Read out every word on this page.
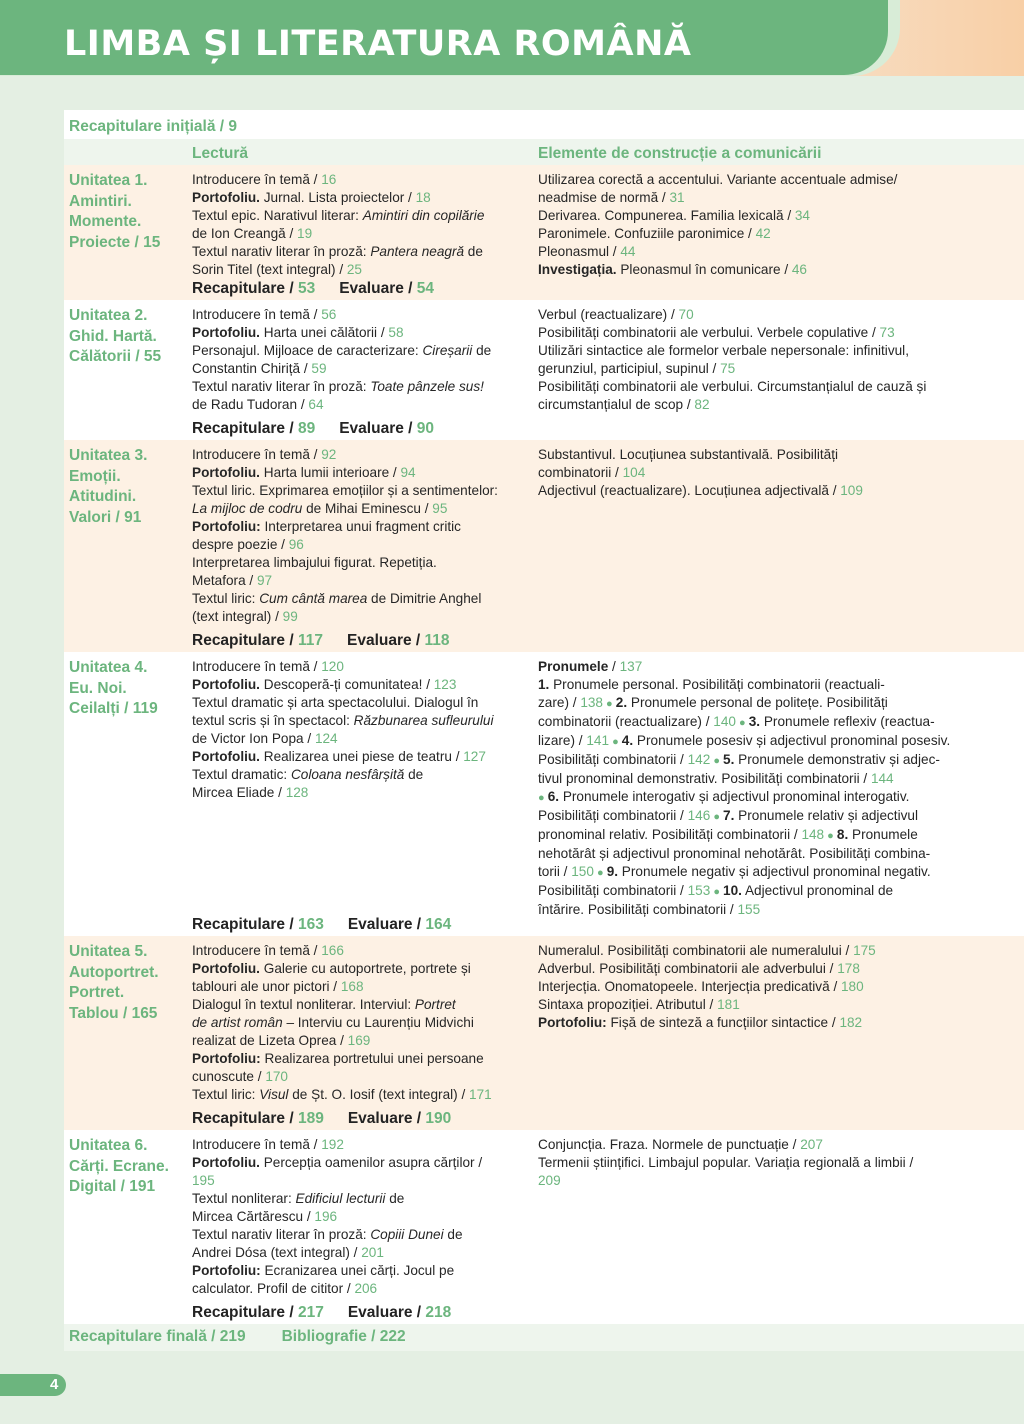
LIMBA ȘI LITERATURA ROMÂNĂ
Recapitulare inițială / 9
Lectură	Elemente de construcție a comunicării
Unitatea 1.
Amintiri.
Momente.
Proiecte / 15
Introducere în temă / 16
Portofoliu. Jurnal. Lista proiectelor / 18
Textul epic. Narativul literar: Amintiri din copilărie
de Ion Creangă / 19
Textul narativ literar în proză: Pantera neagră de
Sorin Titel (text integral) / 25
Recapitulare / 53 Evaluare / 54
Utilizarea corectă a accentului. Variante accentuale admise/
neadmise de normă / 31
Derivarea. Compunerea. Familia lexicală / 34
Paronimele. Confuziile paronimice / 42
Pleonasmul / 44
Investigația. Pleonasmul în comunicare / 46
Unitatea 2.
Ghid. Hartă.
Călătorii / 55
Introducere în temă / 56
Portofoliu. Harta unei călătorii / 58
Personajul. Mijloace de caracterizare: Cireșarii de
Constantin Chiriță / 59
Textul narativ literar în proză: Toate pânzele sus!
de Radu Tudoran / 64
Recapitulare / 89 Evaluare / 90
Verbul (reactualizare) / 70
Posibilități combinatorii ale verbului. Verbele copulative / 73
Utilizări sintactice ale formelor verbale nepersonale: infinitivul,
gerunziul, participiul, supinul / 75
Posibilități combinatorii ale verbului. Circumstanțialul de cauză și
circumstanțialul de scop / 82
Unitatea 3.
Emoții.
Atitudini.
Valori / 91
Introducere în temă / 92
Portofoliu. Harta lumii interioare / 94
Textul liric. Exprimarea emoțiilor și a sentimentelor:
La mijloc de codru de Mihai Eminescu / 95
Portofoliu: Interpretarea unui fragment critic
despre poezie / 96
Interpretarea limbajului figurat. Repetiția.
Metafora / 97
Textul liric: Cum cântă marea de Dimitrie Anghel
(text integral) / 99
Recapitulare / 117 Evaluare / 118
Substantivul. Locuțiunea substantivală. Posibilități
combinatorii / 104
Adjectivul (reactualizare). Locuțiunea adjectivală / 109
Unitatea 4.
Eu. Noi.
Ceilalți / 119
Introducere în temă / 120
Portofoliu. Descoperă-ți comunitatea! / 123
Textul dramatic și arta spectacolului. Dialogul în
textul scris și în spectacol: Răzbunarea sufleurului
de Victor Ion Popa / 124
Portofoliu. Realizarea unei piese de teatru / 127
Textul dramatic: Coloana nesfârșită de
Mircea Eliade / 128
Recapitulare / 163 Evaluare / 164
Pronumele / 137
1. Pronumele personal. Posibilități combinatorii (reactuali-
zare) / 138 ● 2. Pronumele personal de politețe. Posibilități
combinatorii (reactualizare) / 140 ● 3. Pronumele reflexiv (reactua-
lizare) / 141 ● 4. Pronumele posesiv și adjectivul pronominal posesiv.
Posibilități combinatorii / 142 ● 5. Pronumele demonstrativ și adjec-
tivul pronominal demonstrativ. Posibilități combinatorii / 144
● 6. Pronumele interogativ și adjectivul pronominal interogativ.
Posibilități combinatorii / 146 ● 7. Pronumele relativ și adjectivul
pronominal relativ. Posibilități combinatorii / 148 ● 8. Pronumele
nehotărât și adjectivul pronominal nehotărât. Posibilități combina-
torii / 150 ● 9. Pronumele negativ și adjectivul pronominal negativ.
Posibilități combinatorii / 153 ● 10. Adjectivul pronominal de
întărire. Posibilități combinatorii / 155
Unitatea 5.
Autoportret.
Portret.
Tablou / 165
Introducere în temă / 166
Portofoliu. Galerie cu autoportrete, portrete și
tablouri ale unor pictori / 168
Dialogul în textul nonliterar. Interviul: Portret
de artist român – Interviu cu Laurențiu Midvichi
realizat de Lizeta Oprea / 169
Portofoliu: Realizarea portretului unei persoane
cunoscute / 170
Textul liric: Visul de Șt. O. Iosif (text integral) / 171
Recapitulare / 189 Evaluare / 190
Numeralul. Posibilități combinatorii ale numeralului / 175
Adverbul. Posibilități combinatorii ale adverbului / 178
Interjecția. Onomatopeele. Interjecția predicativă / 180
Sintaxa propoziției. Atributul / 181
Portofoliu: Fișă de sinteză a funcțiilor sintactice / 182
Unitatea 6.
Cărți. Ecrane.
Digital / 191
Introducere în temă / 192
Portofoliu. Percepția oamenilor asupra cărților /
195
Textul nonliterar: Edificiul lecturii de
Mircea Cărtărescu / 196
Textul narativ literar în proză: Copiii Dunei de
Andrei Dósa (text integral) / 201
Portofoliu: Ecranizarea unei cărți. Jocul pe
calculator. Profil de cititor / 206
Recapitulare / 217 Evaluare / 218
Conjuncția. Fraza. Normele de punctuație / 207
Termenii științifici. Limbajul popular. Variația regională a limbii /
209
Recapitulare finală / 219	Bibliografie / 222
4
